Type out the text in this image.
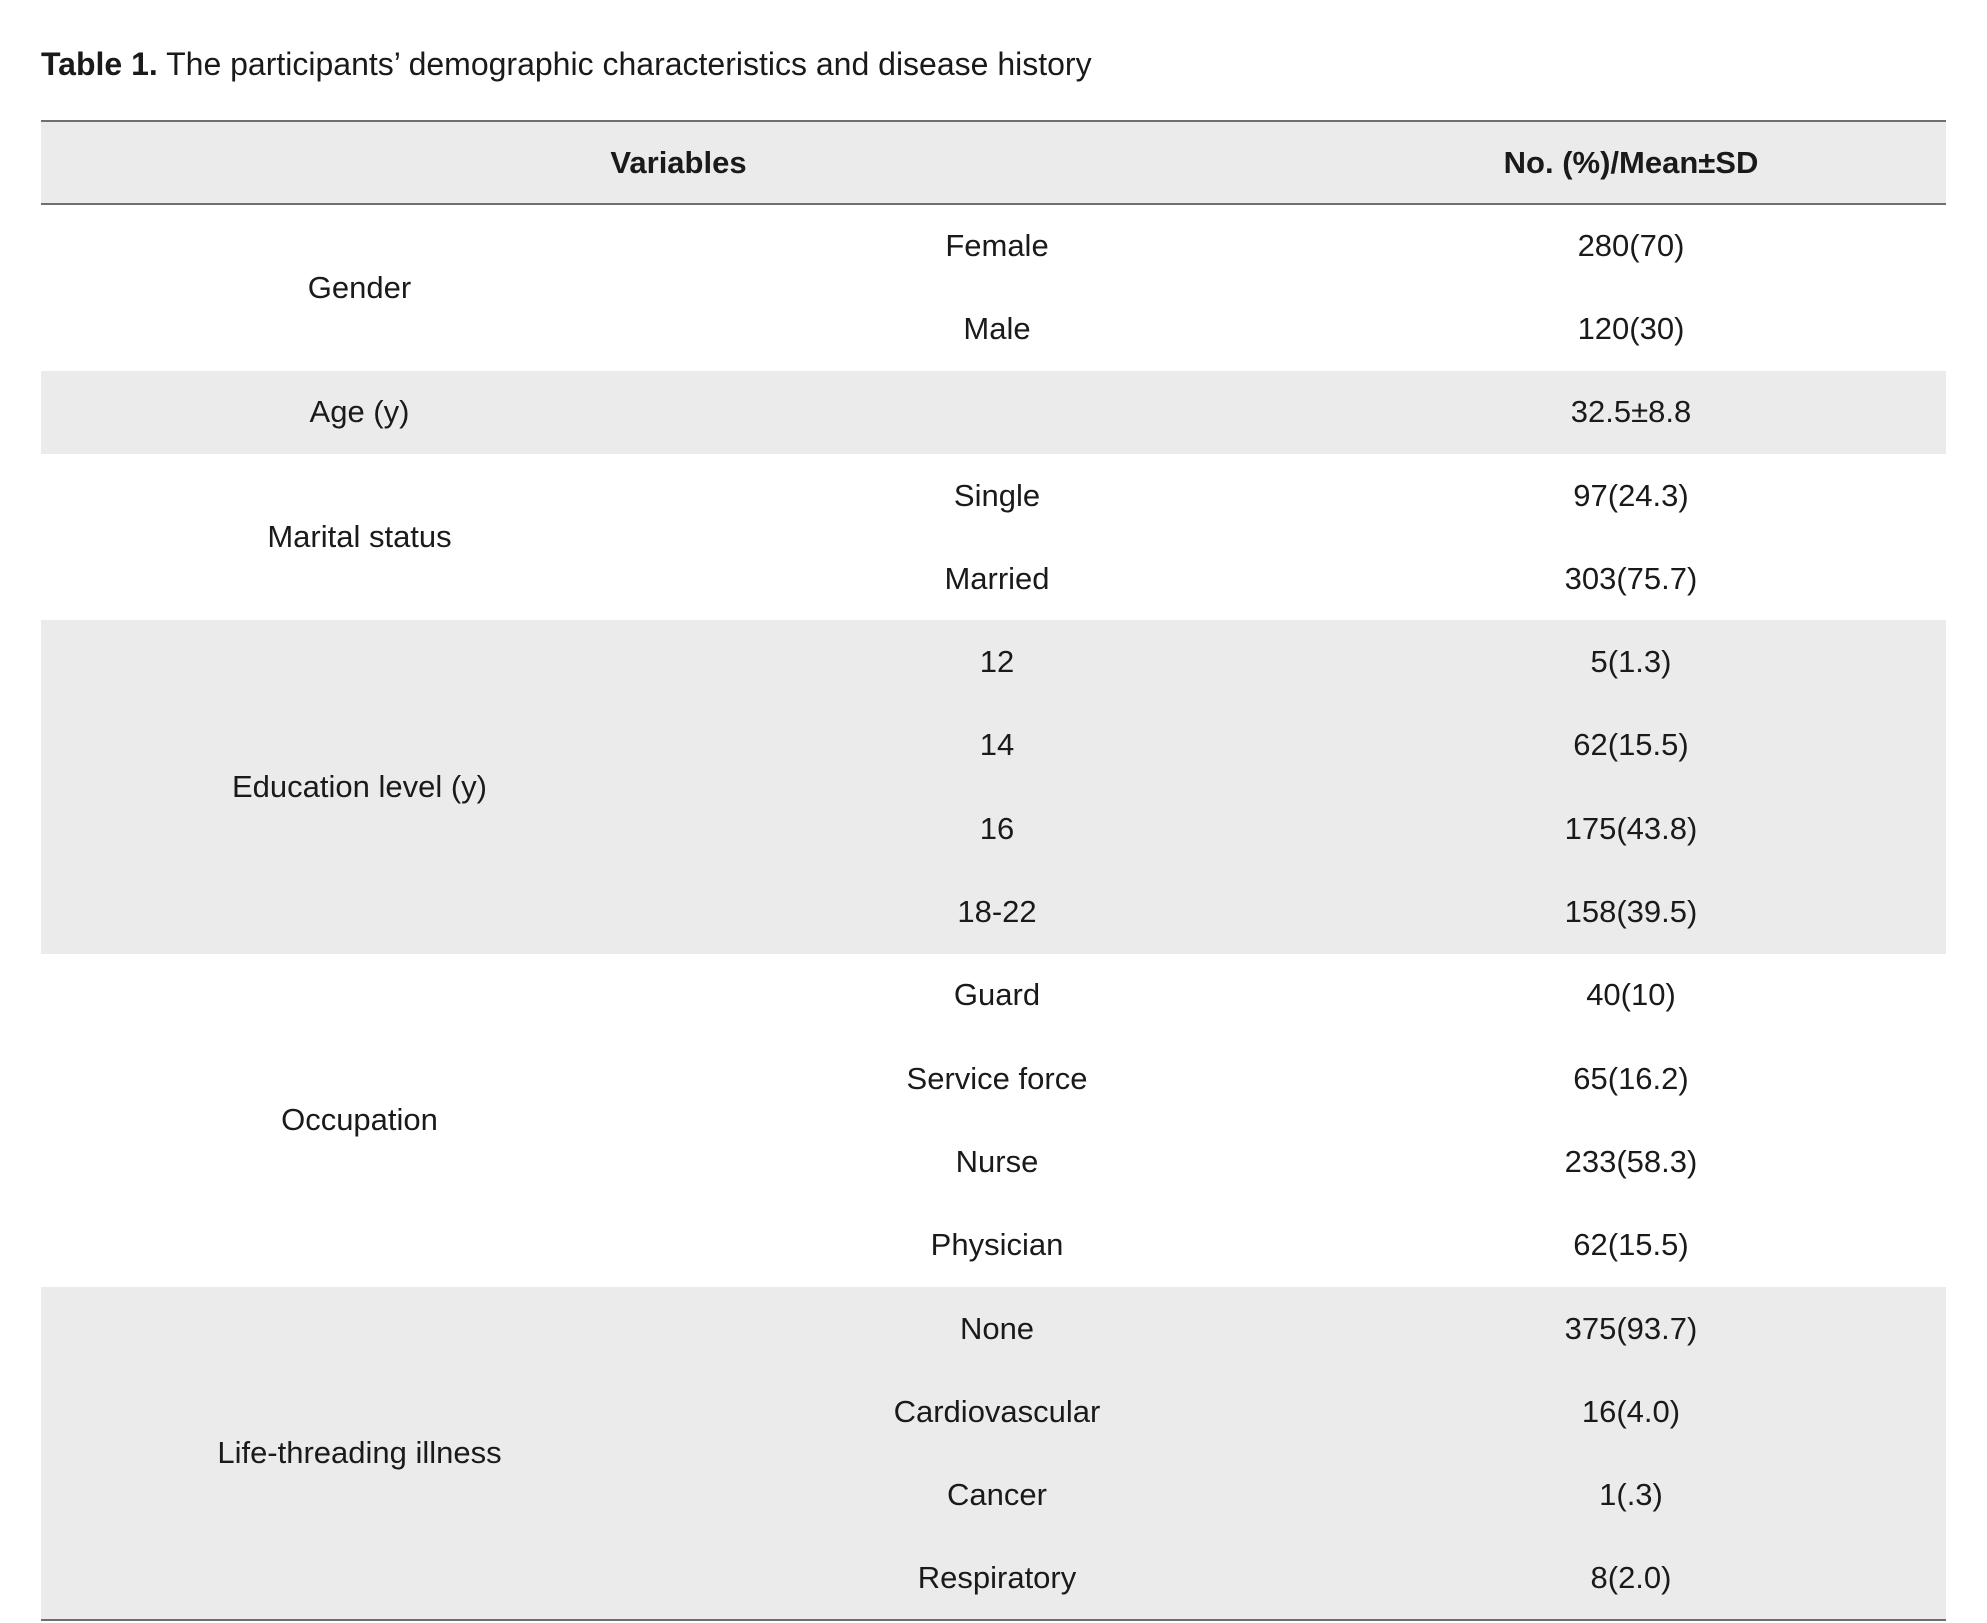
Table 1. The participants’ demographic characteristics and disease history
Variables		No. (%)/Mean±SD
Gender	Female	280(70)
	Male	120(30)
Age (y)		32.5±8.8
Marital status	Single	97(24.3)
	Married	303(75.7)
Education level (y)	12	5(1.3)
	14	62(15.5)
	16	175(43.8)
	18-22	158(39.5)
Occupation	Guard	40(10)
	Service force	65(16.2)
	Nurse	233(58.3)
	Physician	62(15.5)
Life-threading illness	None	375(93.7)
	Cardiovascular	16(4.0)
	Cancer	1(.3)
	Respiratory	8(2.0)
